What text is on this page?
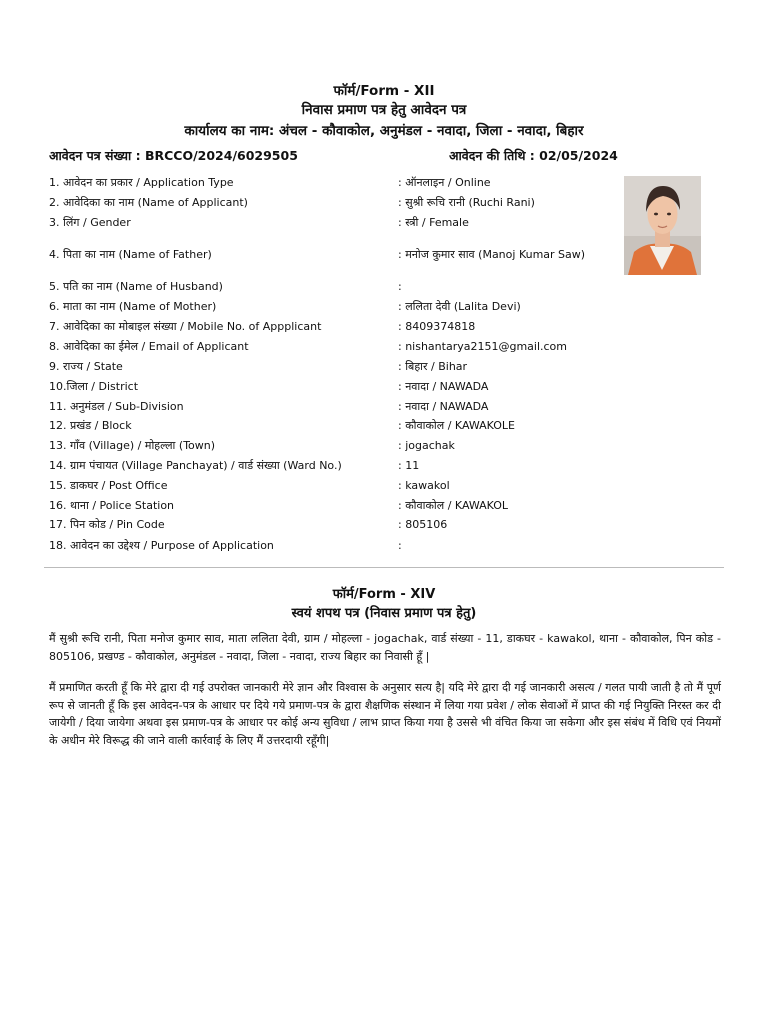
फॉर्म/Form - XII
निवास प्रमाण पत्र हेतु आवेदन पत्र
कार्यालय का नाम: अंचल - कौवाकोल, अनुमंडल - नवादा, जिला - नवादा, बिहार
आवेदन पत्र संख्या : BRCCO/2024/6029505	आवेदन की तिथि : 02/05/2024
1. आवेदन का प्रकार / Application Type	: ऑनलाइन / Online
2. आवेदिका का नाम (Name of Applicant)	: सुश्री रूचि रानी (Ruchi Rani)
3. लिंग / Gender	: स्त्री / Female
4. पिता का नाम (Name of Father)	: मनोज कुमार साव (Manoj Kumar Saw)
5. पति का नाम (Name of Husband)	:
6. माता का नाम (Name of Mother)	: ललिता देवी (Lalita Devi)
7. आवेदिका का मोबाइल संख्या / Mobile No. of Appplicant	: 8409374818
8. आवेदिका का ईमेल / Email of Applicant	: nishantarya2151@gmail.com
9. राज्य / State	: बिहार / Bihar
10.जिला / District	: नवादा / NAWADA
11. अनुमंडल / Sub-Division	: नवादा / NAWADA
12. प्रखंड / Block	: कौवाकोल / KAWAKOLE
13. गाँव (Village) / मोहल्ला (Town)	: jogachak
14. ग्राम पंचायत (Village Panchayat) / वार्ड संख्या (Ward No.)	: 11
15. डाकघर / Post Office	: kawakol
16. थाना / Police Station	: कौवाकोल / KAWAKOL
17. पिन कोड / Pin Code	: 805106
18. आवेदन का उद्देश्य / Purpose of Application	:
फॉर्म/Form - XIV
स्वयं शपथ पत्र (निवास प्रमाण पत्र हेतु)
मैं सुश्री रूचि रानी, पिता मनोज कुमार साव, माता ललिता देवी, ग्राम / मोहल्ला - jogachak, वार्ड संख्या - 11, डाकघर - kawakol, थाना - कौवाकोल, पिन कोड - 805106, प्रखण्ड - कौवाकोल, अनुमंडल - नवादा, जिला - नवादा, राज्य बिहार का निवासी हूँ |
मैं प्रमाणित करती हूँ कि मेरे द्वारा दी गई उपरोक्त जानकारी मेरे ज्ञान और विश्वास के अनुसार सत्य है| यदि मेरे द्वारा दी गई जानकारी असत्य / गलत पायी जाती है तो मैं पूर्ण रूप से जानती हूँ कि इस आवेदन-पत्र के आधार पर दिये गये प्रमाण-पत्र के द्वारा शैक्षणिक संस्थान में लिया गया प्रवेश / लोक सेवाओं में प्राप्त की गई नियुक्ति निरस्त कर दी जायेगी / दिया जायेगा अथवा इस प्रमाण-पत्र के आधार पर कोई अन्य सुविधा / लाभ प्राप्त किया गया है उससे भी वंचित किया जा सकेगा और इस संबंध में विधि एवं नियमों के अधीन मेरे विरूद्ध की जाने वाली कार्रवाई के लिए मैं उत्तरदायी रहूँगी|
